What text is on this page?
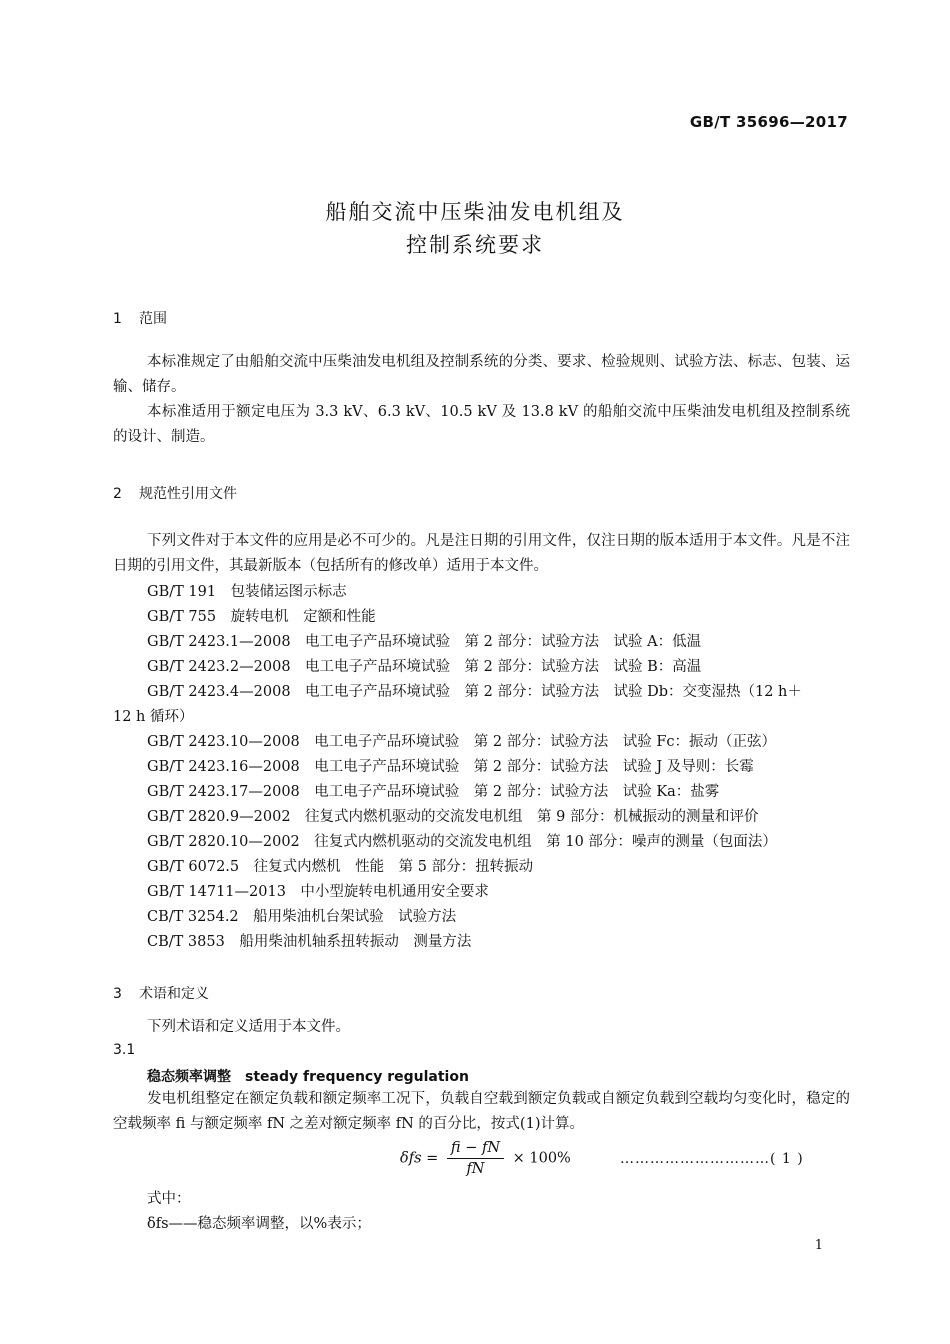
GB/T 35696—2017
船舶交流中压柴油发电机组及
控制系统要求
1 范围

本标准规定了由船舶交流中压柴油发电机组及控制系统的分类、要求、检验规则、试验方法、标志、包装、运输、储存。

本标准适用于额定电压为 3.3 kV、6.3 kV、10.5 kV 及 13.8 kV 的船舶交流中压柴油发电机组及控制系统的设计、制造。

2 规范性引用文件

下列文件对于本文件的应用是必不可少的。凡是注日期的引用文件，仅注日期的版本适用于本文件。凡是不注日期的引用文件，其最新版本（包括所有的修改单）适用于本文件。

GB/T 191　包装储运图示标志
GB/T 755　旋转电机　定额和性能
GB/T 2423.1—2008　电工电子产品环境试验　第 2 部分：试验方法　试验 A：低温
GB/T 2423.2—2008　电工电子产品环境试验　第 2 部分：试验方法　试验 B：高温
GB/T 2423.4—2008　电工电子产品环境试验　第 2 部分：试验方法　试验 Db：交变湿热（12 h＋
12 h 循环）
GB/T 2423.10—2008　电工电子产品环境试验　第 2 部分：试验方法　试验 Fc：振动（正弦）
GB/T 2423.16—2008　电工电子产品环境试验　第 2 部分：试验方法　试验 J 及导则：长霉
GB/T 2423.17—2008　电工电子产品环境试验　第 2 部分：试验方法　试验 Ka：盐雾
GB/T 2820.9—2002　往复式内燃机驱动的交流发电机组　第 9 部分：机械振动的测量和评价
GB/T 2820.10—2002　往复式内燃机驱动的交流发电机组　第 10 部分：噪声的测量（包面法）
GB/T 6072.5　往复式内燃机　性能　第 5 部分：扭转振动
GB/T 14711—2013　中小型旋转电机通用安全要求
CB/T 3254.2　船用柴油机台架试验　试验方法
CB/T 3853　船用柴油机轴系扭转振动　测量方法
3 术语和定义
下列术语和定义适用于本文件。
3.1
稳态频率调整　 steady frequency regulation

发电机组整定在额定负载和额定频率工况下，负载自空载到额定负载或自额定负载到空载均匀变化时，稳定的空载频率 fi 与额定频率 fN 之差对额定频率 fN 的百分比，按式(1)计算。

$\delta fs = \frac{fi - fN}{fN} \times 100\%$	…………………………( 1 )
式中：
δfs——稳态频率调整，以%表示；
1
